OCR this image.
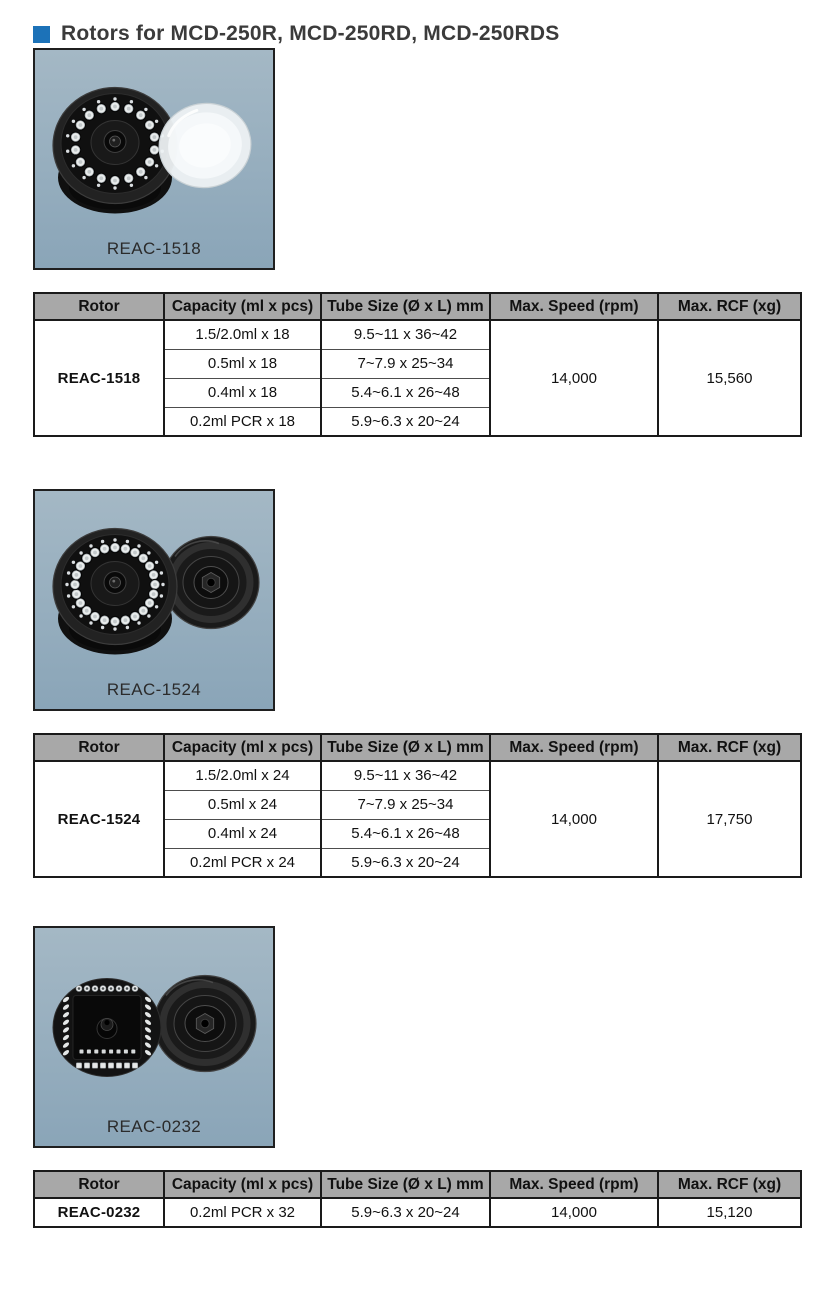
Rotors for MCD-250R, MCD-250RD, MCD-250RDS
REAC-1518
Rotor	Capacity (ml x pcs)	Tube Size (Ø x L) mm	Max. Speed (rpm)	Max. RCF (xg)
REAC-1518	1.5/2.0ml x 18	9.5~11 x 36~42	14,000	15,560
	0.5ml x 18	7~7.9 x 25~34		
	0.4ml x 18	5.4~6.1 x 26~48		
	0.2ml PCR x 18	5.9~6.3 x 20~24		
REAC-1524
Rotor	Capacity (ml x pcs)	Tube Size (Ø x L) mm	Max. Speed (rpm)	Max. RCF (xg)
REAC-1524	1.5/2.0ml x 24	9.5~11 x 36~42	14,000	17,750
	0.5ml x 24	7~7.9 x 25~34		
	0.4ml x 24	5.4~6.1 x 26~48		
	0.2ml PCR x 24	5.9~6.3 x 20~24		
REAC-0232
Rotor	Capacity (ml x pcs)	Tube Size (Ø x L) mm	Max. Speed (rpm)	Max. RCF (xg)
REAC-0232	0.2ml PCR x 32	5.9~6.3 x 20~24	14,000	15,120
